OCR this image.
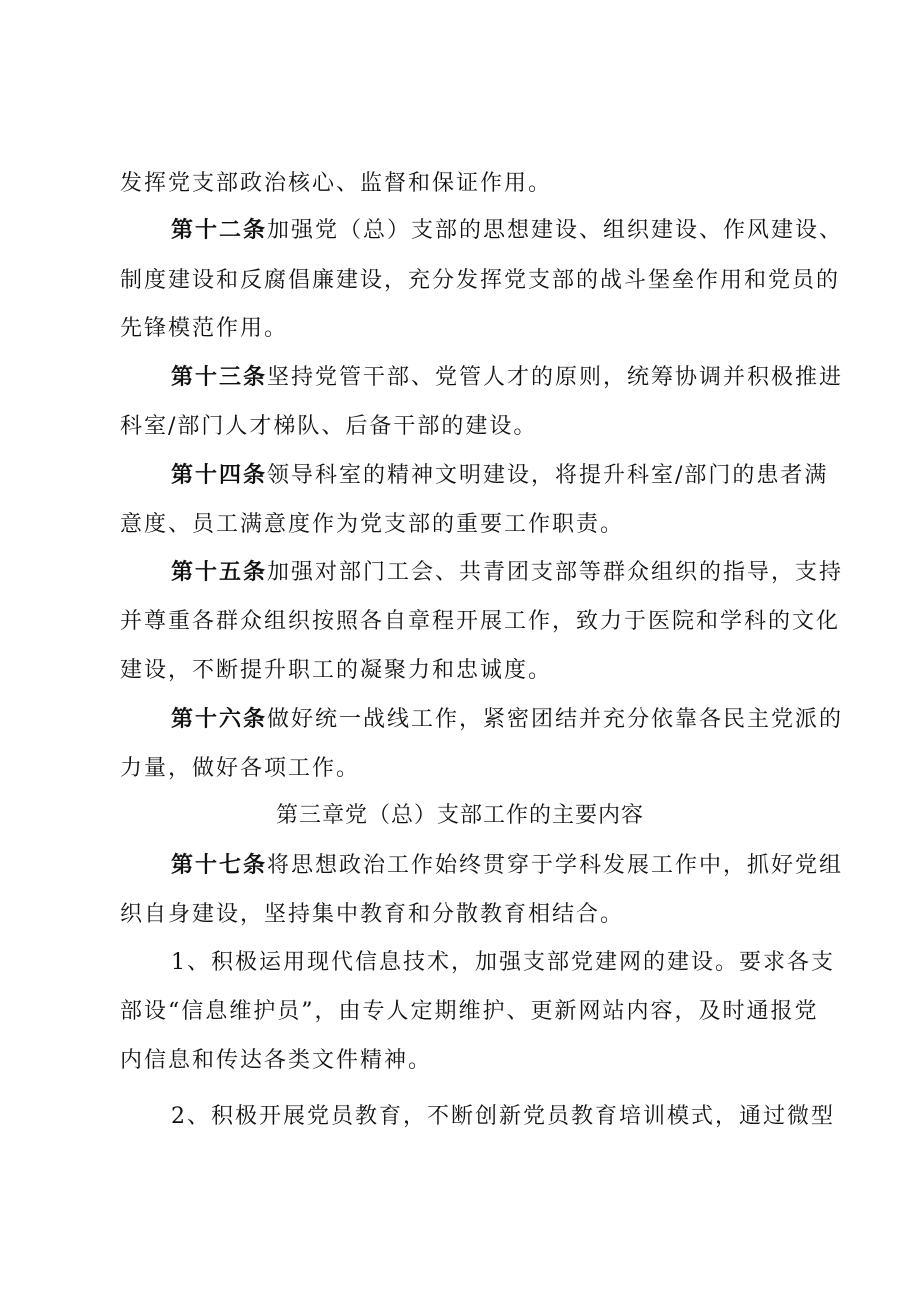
发挥党支部政治核心、监督和保证作用。
第十二条加强党（总）支部的思想建设、组织建设、作风建设、
制度建设和反腐倡廉建设，充分发挥党支部的战斗堡垒作用和党员的
先锋模范作用。
第十三条坚持党管干部、党管人才的原则，统筹协调并积极推进
科室/部门人才梯队、后备干部的建设。
第十四条领导科室的精神文明建设，将提升科室/部门的患者满
意度、员工满意度作为党支部的重要工作职责。
第十五条加强对部门工会、共青团支部等群众组织的指导，支持
并尊重各群众组织按照各自章程开展工作，致力于医院和学科的文化
建设，不断提升职工的凝聚力和忠诚度。
第十六条做好统一战线工作，紧密团结并充分依靠各民主党派的
力量，做好各项工作。
第三章党（总）支部工作的主要内容
第十七条将思想政治工作始终贯穿于学科发展工作中，抓好党组
织自身建设，坚持集中教育和分散教育相结合。
1、积极运用现代信息技术，加强支部党建网的建设。要求各支
部设“信息维护员”，由专人定期维护、更新网站内容，及时通报党
内信息和传达各类文件精神。
2、积极开展党员教育，不断创新党员教育培训模式，通过微型
